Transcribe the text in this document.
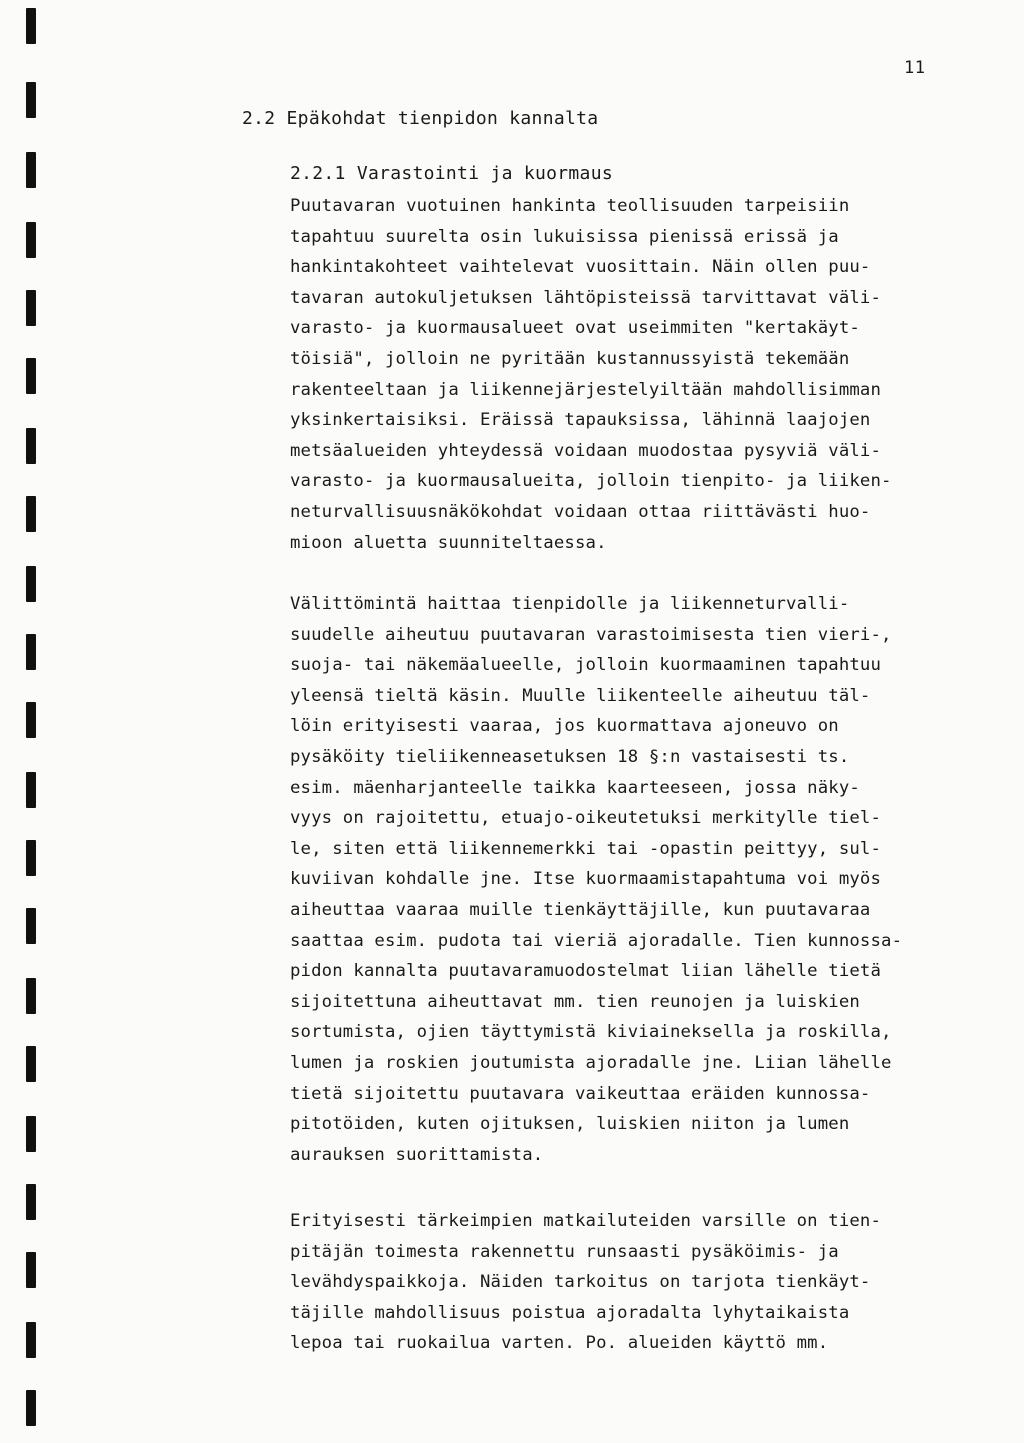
11
2.2 Epäkohdat tienpidon kannalta
2.2.1 Varastointi ja kuormaus
Puutavaran vuotuinen hankinta teollisuuden tarpeisiin
tapahtuu suurelta osin lukuisissa pienissä erissä ja
hankintakohteet vaihtelevat vuosittain. Näin ollen puu-
tavaran autokuljetuksen lähtöpisteissä tarvittavat väli-
varasto- ja kuormausalueet ovat useimmiten "kertakäyt-
töisiä", jolloin ne pyritään kustannussyistä tekemään
rakenteeltaan ja liikennejärjestelyiltään mahdollisimman
yksinkertaisiksi. Eräissä tapauksissa, lähinnä laajojen
metsäalueiden yhteydessä voidaan muodostaa pysyviä väli-
varasto- ja kuormausalueita, jolloin tienpito- ja liiken-
neturvallisuusnäkökohdat voidaan ottaa riittävästi huo-
mioon aluetta suunniteltaessa.
Välittömintä haittaa tienpidolle ja liikenneturvalli-
suudelle aiheutuu puutavaran varastoimisesta tien vieri-,
suoja- tai näkemäalueelle, jolloin kuormaaminen tapahtuu
yleensä tieltä käsin. Muulle liikenteelle aiheutuu täl-
löin erityisesti vaaraa, jos kuormattava ajoneuvo on
pysäköity tieliikenneasetuksen 18 §:n vastaisesti ts.
esim. mäenharjanteelle taikka kaarteeseen, jossa näky-
vyys on rajoitettu, etuajo-oikeutetuksi merkitylle tiel-
le, siten että liikennemerkki tai -opastin peittyy, sul-
kuviivan kohdalle jne. Itse kuormaamistapahtuma voi myös
aiheuttaa vaaraa muille tienkäyttäjille, kun puutavaraa
saattaa esim. pudota tai vieriä ajoradalle. Tien kunnossa-
pidon kannalta puutavaramuodostelmat liian lähelle tietä
sijoitettuna aiheuttavat mm. tien reunojen ja luiskien
sortumista, ojien täyttymistä kiviaineksella ja roskilla,
lumen ja roskien joutumista ajoradalle jne. Liian lähelle
tietä sijoitettu puutavara vaikeuttaa eräiden kunnossa-
pitotöiden, kuten ojituksen, luiskien niiton ja lumen
aurauksen suorittamista.
Erityisesti tärkeimpien matkailuteiden varsille on tien-
pitäjän toimesta rakennettu runsaasti pysäköimis- ja
levähdyspaikkoja. Näiden tarkoitus on tarjota tienkäyt-
täjille mahdollisuus poistua ajoradalta lyhytaikaista
lepoa tai ruokailua varten. Po. alueiden käyttö mm.
